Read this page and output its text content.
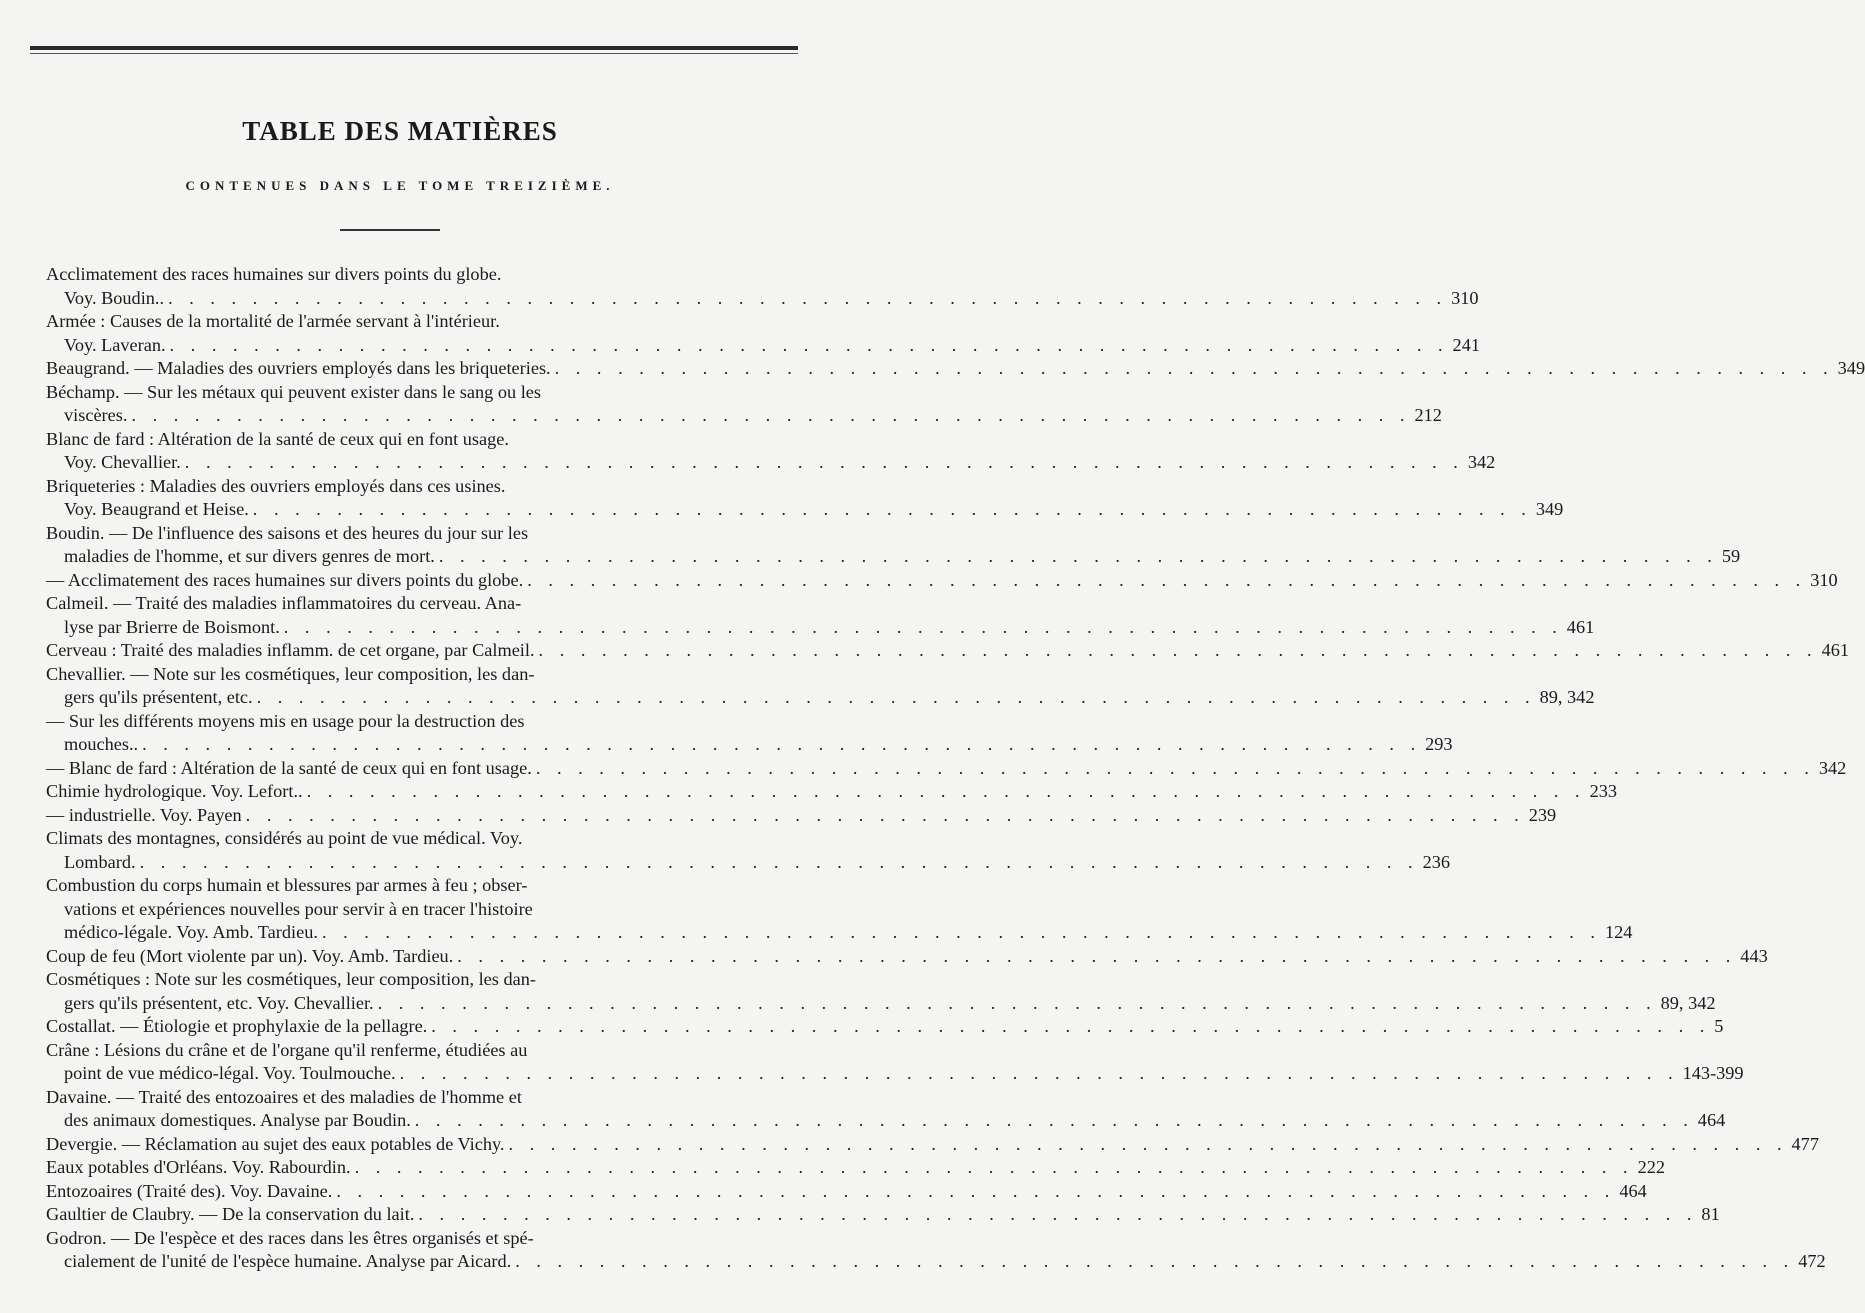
TABLE DES MATIÈRES
CONTENUES DANS LE TOME TREIZIÈME.
Acclimatement des races humaines sur divers points du globe.
Voy. Boudin.. . . .	310
Armée : Causes de la mortalité de l'armée servant à l'intérieur.
Voy. Laveran. . . .	241
Beaugrand. — Maladies des ouvriers employés dans les briqueteries. . . .	349
Béchamp. — Sur les métaux qui peuvent exister dans le sang ou les
viscères. . . .	212
Blanc de fard : Altération de la santé de ceux qui en font usage.
Voy. Chevallier. . . .	342
Briqueteries : Maladies des ouvriers employés dans ces usines.
Voy. Beaugrand et Heise. . . .	349
Boudin. — De l'influence des saisons et des heures du jour sur les
maladies de l'homme, et sur divers genres de mort. . . .	59
— Acclimatement des races humaines sur divers points du globe. . . .	310
Calmeil. — Traité des maladies inflammatoires du cerveau. Ana-
lyse par Brierre de Boismont. . . .	461
Cerveau : Traité des maladies inflamm. de cet organe, par Calmeil. . . .	461
Chevallier. — Note sur les cosmétiques, leur composition, les dan-
gers qu'ils présentent, etc. . . .	89, 342
— Sur les différents moyens mis en usage pour la destruction des
mouches.. . . .	293
— Blanc de fard : Altération de la santé de ceux qui en font usage. . . .	342
Chimie hydrologique. Voy. Lefort.. . . .	233
— industrielle. Voy. Payen . . .	239
Climats des montagnes, considérés au point de vue médical. Voy.
Lombard. . . .	236
Combustion du corps humain et blessures par armes à feu ; obser-
vations et expériences nouvelles pour servir à en tracer l'histoire
médico-légale. Voy. Amb. Tardieu. . . .	124
Coup de feu (Mort violente par un). Voy. Amb. Tardieu. . . .	443
Cosmétiques : Note sur les cosmétiques, leur composition, les dan-
gers qu'ils présentent, etc. Voy. Chevallier. . . .	89, 342
Costallat. — Étiologie et prophylaxie de la pellagre. . . .	5
Crâne : Lésions du crâne et de l'organe qu'il renferme, étudiées au
point de vue médico-légal. Voy. Toulmouche. . . .	143-399
Davaine. — Traité des entozoaires et des maladies de l'homme et
des animaux domestiques. Analyse par Boudin. . . .	464
Devergie. — Réclamation au sujet des eaux potables de Vichy. . . .	477
Eaux potables d'Orléans. Voy. Rabourdin. . . .	222
Entozoaires (Traité des). Voy. Davaine. . . .	464
Gaultier de Claubry. — De la conservation du lait. . . .	81
Godron. — De l'espèce et des races dans les êtres organisés et spé-
cialement de l'unité de l'espèce humaine. Analyse par Aicard. . . .	472
